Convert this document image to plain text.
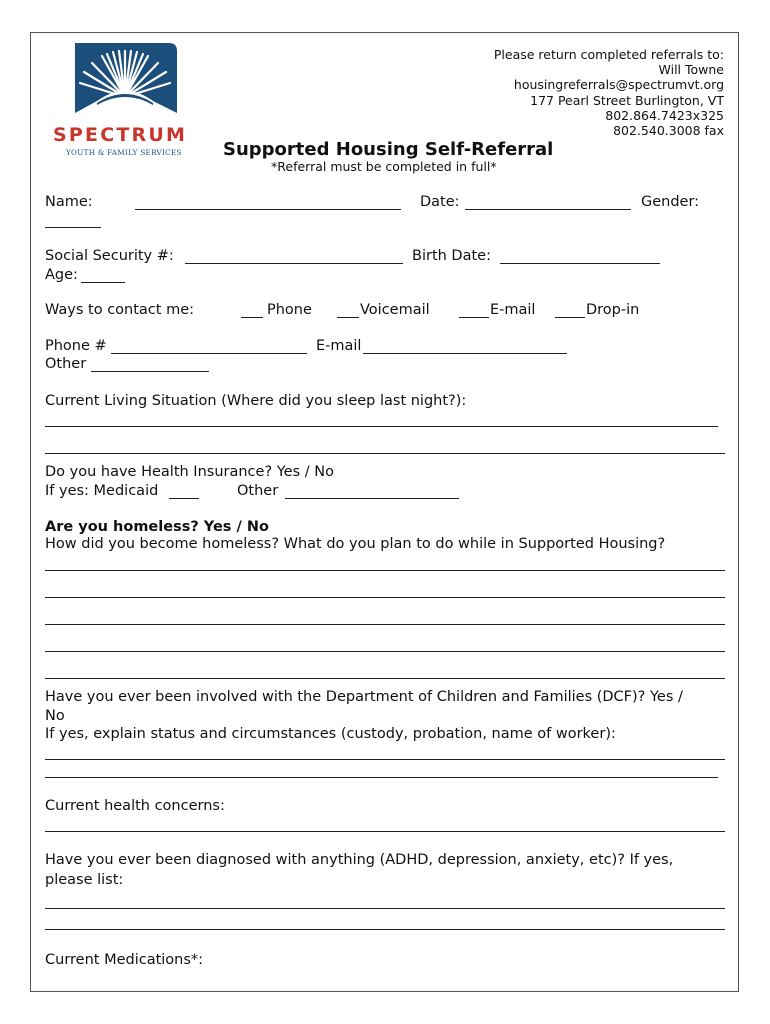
SPECTRUM
YOUTH & FAMILY SERVICES
Please return completed referrals to:
Will Towne
housingreferrals@spectrumvt.org
177 Pearl Street Burlington, VT
802.864.7423x325
802.540.3008 fax
Supported Housing Self-Referral
*Referral must be completed in full*
Name:	Date:	Gender:
Social Security #:	Birth Date:
Age:
Ways to contact me:	Phone	Voicemail	E-mail	Drop-in
Phone #	E-mail
Other
Current Living Situation (Where did you sleep last night?):
Do you have Health Insurance? Yes / No
If yes: Medicaid	Other
Are you homeless? Yes / No
How did you become homeless? What do you plan to do while in Supported Housing?
Have you ever been involved with the Department of Children and Families (DCF)? Yes /
No
If yes, explain status and circumstances (custody, probation, name of worker):
Current health concerns:
Have you ever been diagnosed with anything (ADHD, depression, anxiety, etc)? If yes,
please list:
Current Medications*:
